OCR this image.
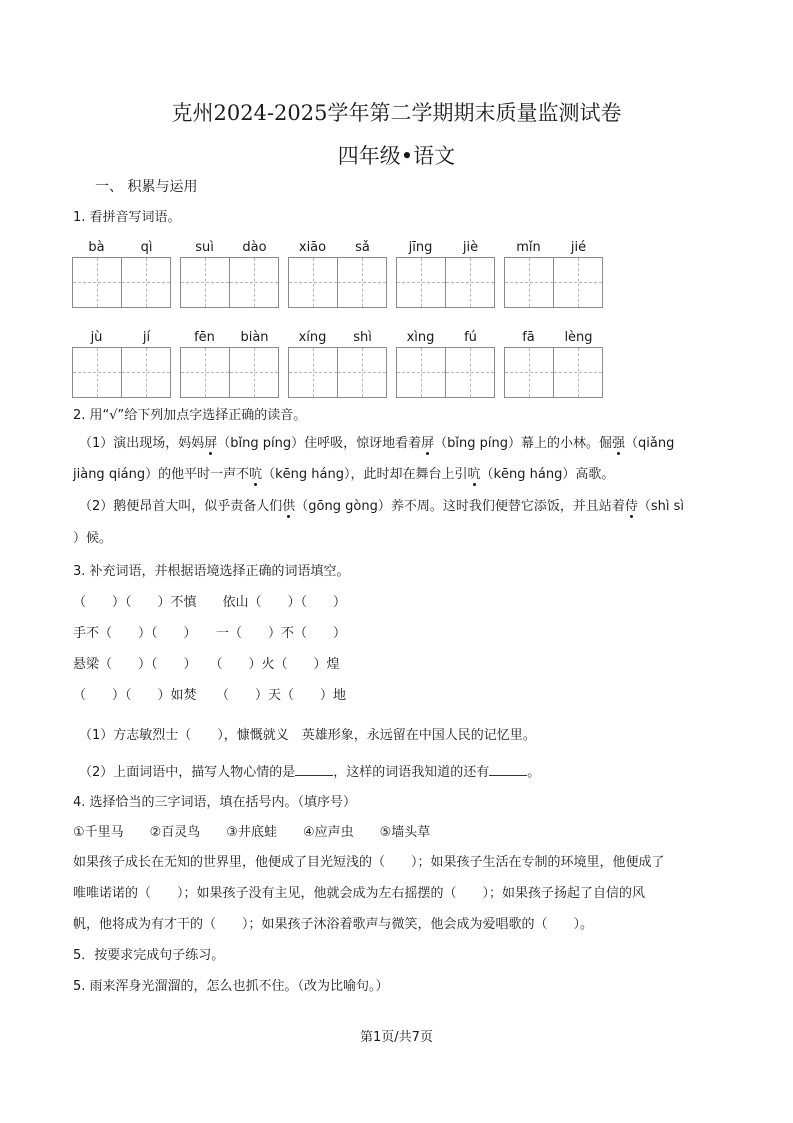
克州2024-2025学年第二学期期末质量监测试卷
四年级•语文
一、 积累与运用
1. 看拼音写词语。
bà	qì	suì	dào	xiāo	sǎ	jīng	jiè	mǐn	jié
jù	jí	fēn	biàn	xíng	shì	xìng	fú	fā	lèng
2. 用“√”给下列加点字选择正确的读音。
（1）演出现场，妈妈屏（bǐng píng）住呼吸，惊讶地看着屏（bǐng píng）幕上的小林。倔强（qiǎng
jiàng qiáng）的他平时一声不吭（kēng háng），此时却在舞台上引吭（kēng háng）高歌。
（2）鹅便昂首大叫，似乎责备人们供（gōng gòng）养不周。这时我们便替它添饭，并且站着侍（shì sì
）候。
3. 补充词语，并根据语境选择正确的词语填空。
（　　）（　　）不慎　　依山（　　）（　　）
手不（　　）（　　）　　一（　　）不（　　）
悬梁（　　）（　　）　　（　　）火（　　）煌
（　　）（　　）如焚　　（　　）天（　　）地
（1）方志敏烈士（　　），慷慨就义　英雄形象，永远留在中国人民的记忆里。
（2）上面词语中，描写人物心情的是	，这样的词语我知道的还有	。
4. 选择恰当的三字词语，填在括号内。（填序号）
①千里马　　②百灵鸟　　③井底蛙　　④应声虫　　⑤墙头草
如果孩子成长在无知的世界里，他便成了目光短浅的（　　）；如果孩子生活在专制的环境里，他便成了
唯唯诺诺的（　　）；如果孩子没有主见，他就会成为左右摇摆的（　　）；如果孩子扬起了自信的风
帆，他将成为有才干的（　　）；如果孩子沐浴着歌声与微笑，他会成为爱唱歌的（　　）。
5．按要求完成句子练习。
5. 雨来浑身光溜溜的，怎么也抓不住。（改为比喻句。）
第1页/共7页
